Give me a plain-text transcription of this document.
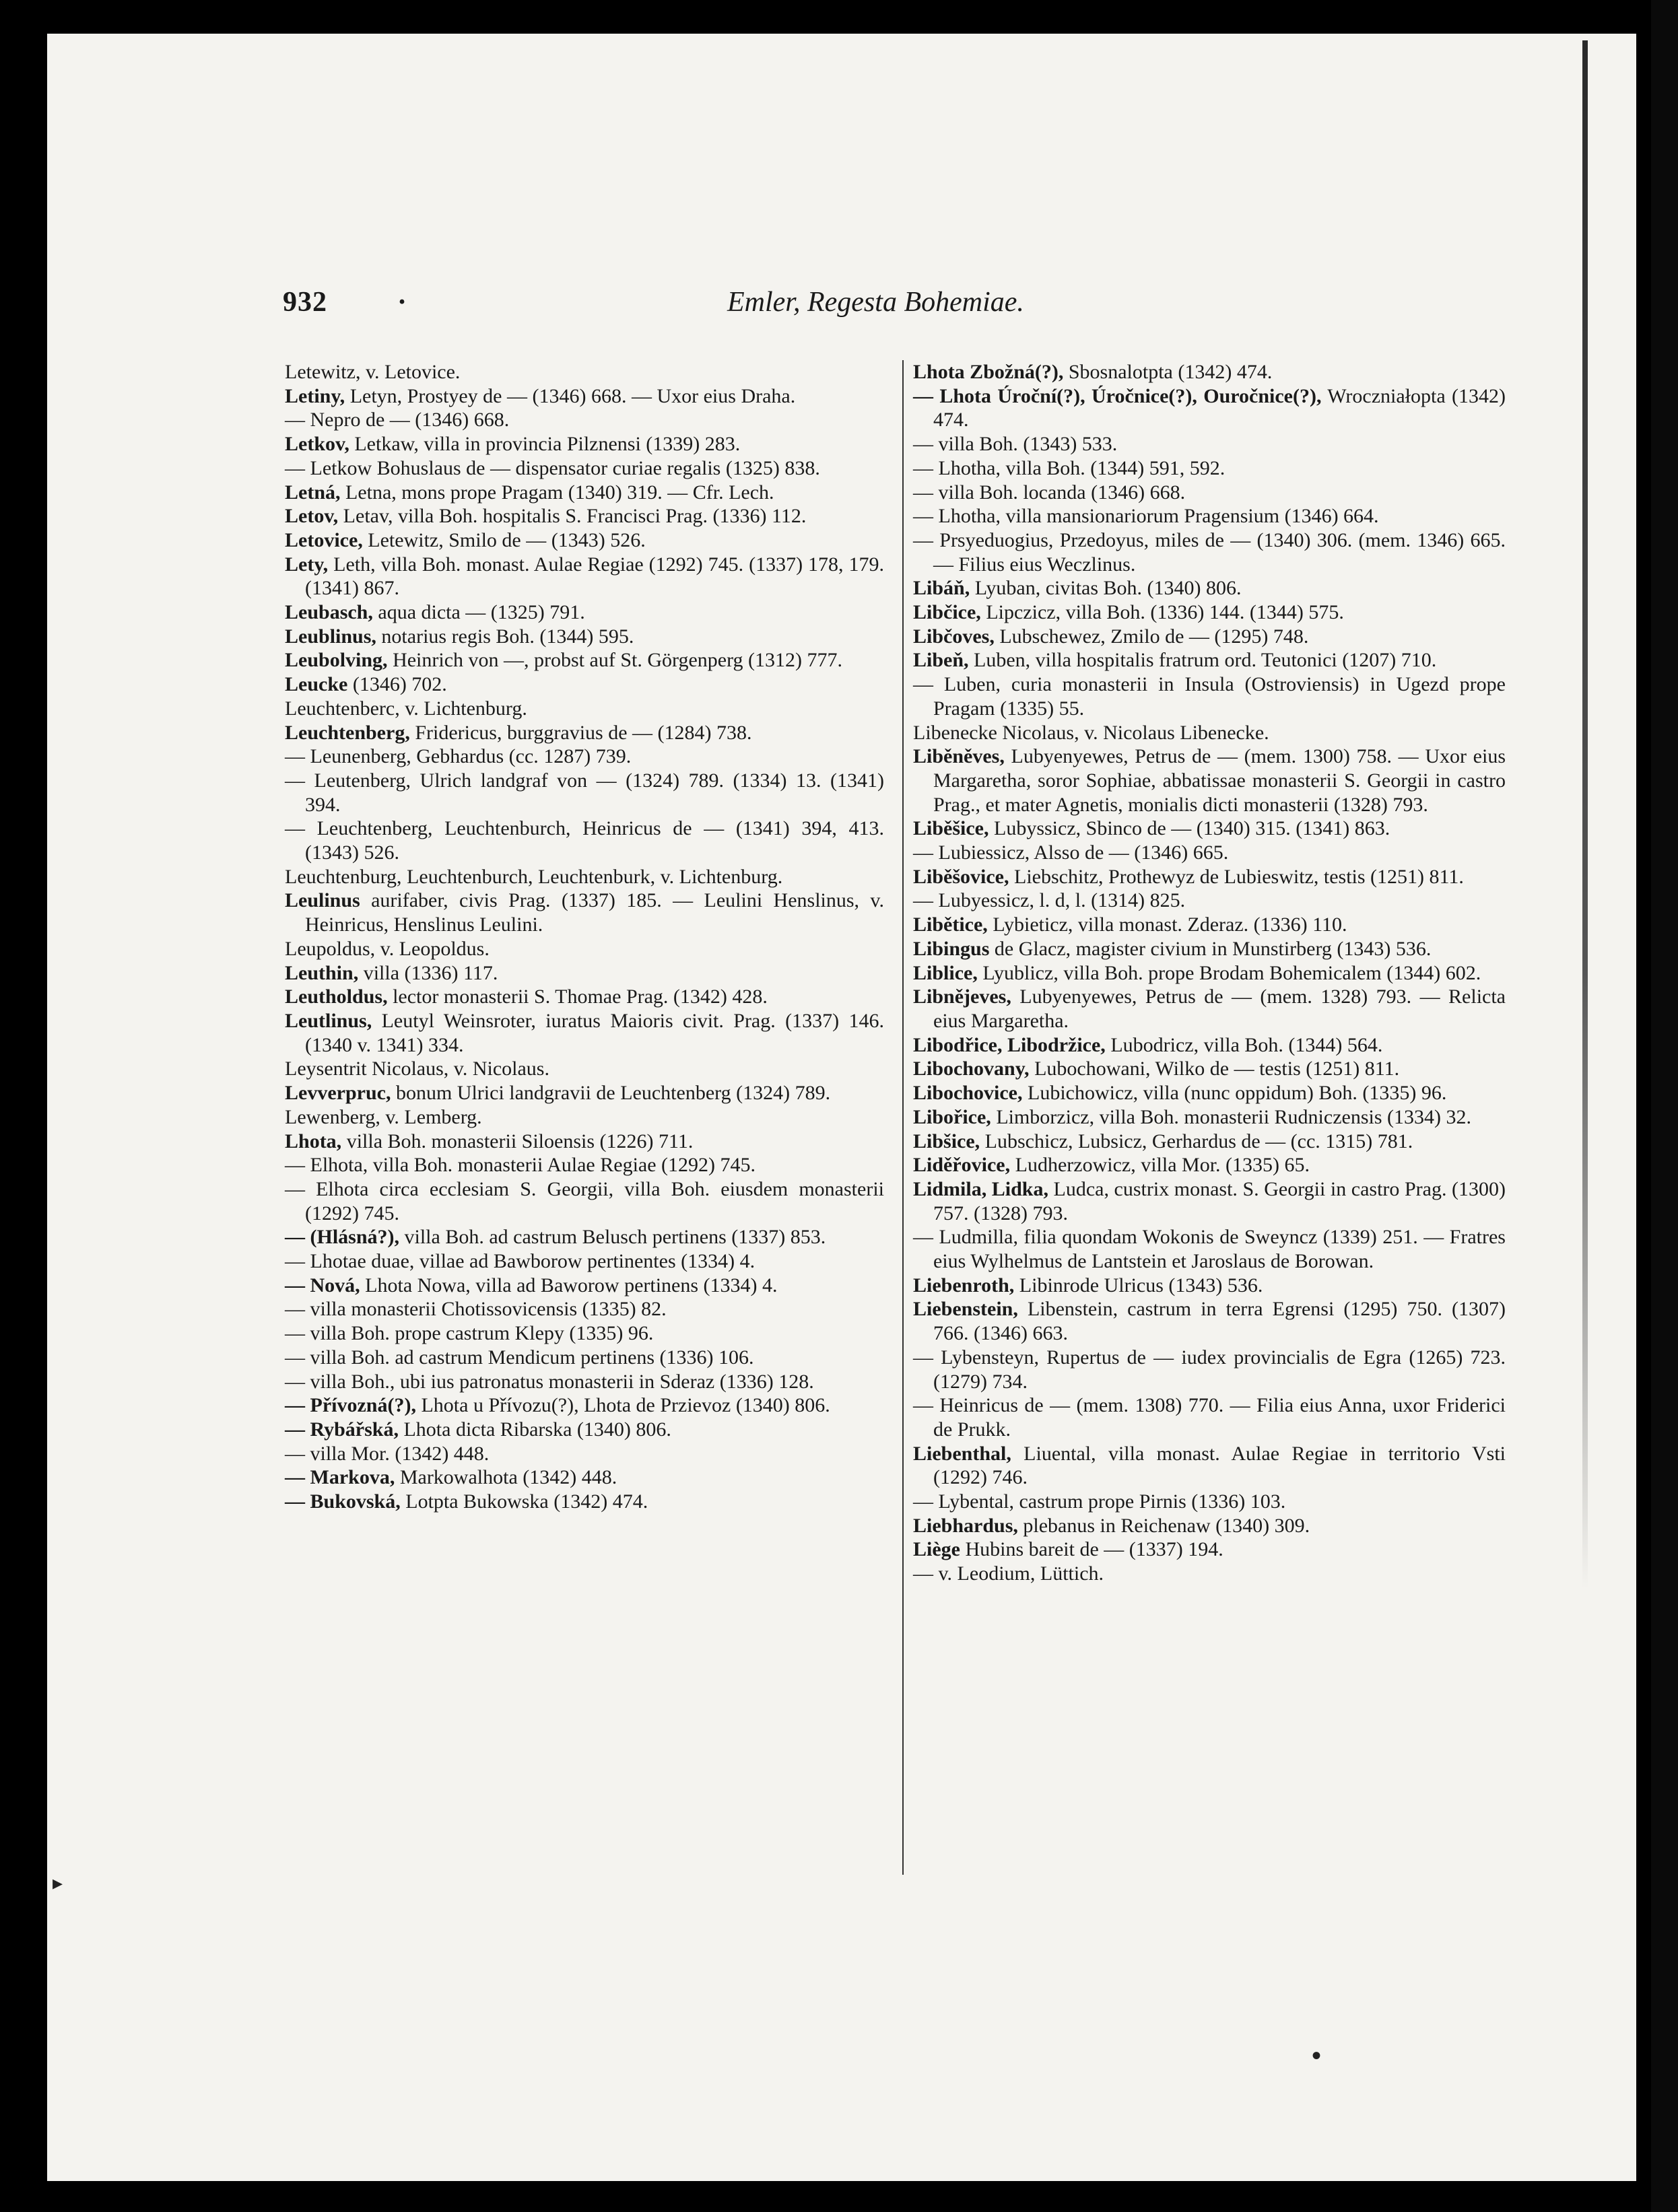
932 ·	Emler, Regesta Bohemiae.

Letewitz, v. Letovice.

Letiny, Letyn, Prostyey de — (1346) 668. — Uxor eius Draha.

— Nepro de — (1346) 668.

Letkov, Letkaw, villa in provincia Pilznensi (1339) 283.

— Letkow Bohuslaus de — dispensator curiae regalis (1325) 838.

Letná, Letna, mons prope Pragam (1340) 319. — Cfr. Lech.

Letov, Letav, villa Boh. hospitalis S. Francisci Prag. (1336) 112.

Letovice, Letewitz, Smilo de — (1343) 526.

Lety, Leth, villa Boh. monast. Aulae Regiae (1292) 745. (1337) 178, 179. (1341) 867.

Leubasch, aqua dicta — (1325) 791.

Leublinus, notarius regis Boh. (1344) 595.

Leubolving, Heinrich von —, probst auf St. Görgenperg (1312) 777.

Leucke (1346) 702.

Leuchtenberc, v. Lichtenburg.

Leuchtenberg, Fridericus, burggravius de — (1284) 738.

— Leunenberg, Gebhardus (cc. 1287) 739.

— Leutenberg, Ulrich landgraf von — (1324) 789. (1334) 13. (1341) 394.

— Leuchtenberg, Leuchtenburch, Heinricus de — (1341) 394, 413. (1343) 526.

Leuchtenburg, Leuchtenburch, Leuchtenburk, v. Lichtenburg.

Leulinus aurifaber, civis Prag. (1337) 185. — Leulini Henslinus, v. Heinricus, Henslinus Leulini.

Leupoldus, v. Leopoldus.

Leuthin, villa (1336) 117.

Leutholdus, lector monasterii S. Thomae Prag. (1342) 428.

Leutlinus, Leutyl Weinsroter, iuratus Maioris civit. Prag. (1337) 146. (1340 v. 1341) 334.

Leysentrit Nicolaus, v. Nicolaus.

Levverpruc, bonum Ulrici landgravii de Leuchtenberg (1324) 789.

Lewenberg, v. Lemberg.

Lhota, villa Boh. monasterii Siloensis (1226) 711.

— Elhota, villa Boh. monasterii Aulae Regiae (1292) 745.

— Elhota circa ecclesiam S. Georgii, villa Boh. eiusdem monasterii (1292) 745.

— (Hlásná?), villa Boh. ad castrum Belusch pertinens (1337) 853.

— Lhotae duae, villae ad Bawborow pertinentes (1334) 4.

— Nová, Lhota Nowa, villa ad Baworow pertinens (1334) 4.

— villa monasterii Chotissovicensis (1335) 82.

— villa Boh. prope castrum Klepy (1335) 96.

— villa Boh. ad castrum Mendicum pertinens (1336) 106.

— villa Boh., ubi ius patronatus monasterii in Sderaz (1336) 128.

— Přívozná(?), Lhota u Přívozu(?), Lhota de Przievoz (1340) 806.

— Rybářská, Lhota dicta Ribarska (1340) 806.

— villa Mor. (1342) 448.

— Markova, Markowalhota (1342) 448.

— Bukovská, Lotpta Bukowska (1342) 474.

Lhota Zbožná(?), Sbosnalotpta (1342) 474.

— Lhota Úroční(?), Úročnice(?), Ouročnice(?), Wroczniałopta (1342) 474.

— villa Boh. (1343) 533.

— Lhotha, villa Boh. (1344) 591, 592.

— villa Boh. locanda (1346) 668.

— Lhotha, villa mansionariorum Pragensium (1346) 664.

— Prsyeduogius, Przedoyus, miles de — (1340) 306. (mem. 1346) 665. — Filius eius Weczlinus.

Libáň, Lyuban, civitas Boh. (1340) 806.

Libčice, Lipczicz, villa Boh. (1336) 144. (1344) 575.

Libčoves, Lubschewez, Zmilo de — (1295) 748.

Libeň, Luben, villa hospitalis fratrum ord. Teutonici (1207) 710.

— Luben, curia monasterii in Insula (Ostroviensis) in Ugezd prope Pragam (1335) 55.

Libenecke Nicolaus, v. Nicolaus Libenecke.

Liběněves, Lubyenyewes, Petrus de — (mem. 1300) 758. — Uxor eius Margaretha, soror Sophiae, abbatissae monasterii S. Georgii in castro Prag., et mater Agnetis, monialis dicti monasterii (1328) 793.

Liběšice, Lubyssicz, Sbinco de — (1340) 315. (1341) 863.

— Lubiessicz, Alsso de — (1346) 665.

Liběšovice, Liebschitz, Prothewyz de Lubieswitz, testis (1251) 811.

— Lubyessicz, l. d, l. (1314) 825.

Libětice, Lybieticz, villa monast. Zderaz. (1336) 110.

Libingus de Glacz, magister civium in Munstirberg (1343) 536.

Liblice, Lyublicz, villa Boh. prope Brodam Bohemicalem (1344) 602.

Libnějeves, Lubyenyewes, Petrus de — (mem. 1328) 793. — Relicta eius Margaretha.

Libodřice, Libodržice, Lubodricz, villa Boh. (1344) 564.

Libochovany, Lubochowani, Wilko de — testis (1251) 811.

Libochovice, Lubichowicz, villa (nunc oppidum) Boh. (1335) 96.

Libořice, Limborzicz, villa Boh. monasterii Rudniczensis (1334) 32.

Libšice, Lubschicz, Lubsicz, Gerhardus de — (cc. 1315) 781.

Liděřovice, Ludherzowicz, villa Mor. (1335) 65.

Lidmila, Lidka, Ludca, custrix monast. S. Georgii in castro Prag. (1300) 757. (1328) 793.

— Ludmilla, filia quondam Wokonis de Sweyncz (1339) 251. — Fratres eius Wylhelmus de Lantstein et Jaroslaus de Borowan.

Liebenroth, Libinrode Ulricus (1343) 536.

Liebenstein, Libenstein, castrum in terra Egrensi (1295) 750. (1307) 766. (1346) 663.

— Lybensteyn, Rupertus de — iudex provincialis de Egra (1265) 723. (1279) 734.

— Heinricus de — (mem. 1308) 770. — Filia eius Anna, uxor Friderici de Prukk.

Liebenthal, Liuental, villa monast. Aulae Regiae in territorio Vsti (1292) 746.

— Lybental, castrum prope Pirnis (1336) 103.

Liebhardus, plebanus in Reichenaw (1340) 309.

Liège Hubins bareit de — (1337) 194.

— v. Leodium, Lüttich.

•
▸
